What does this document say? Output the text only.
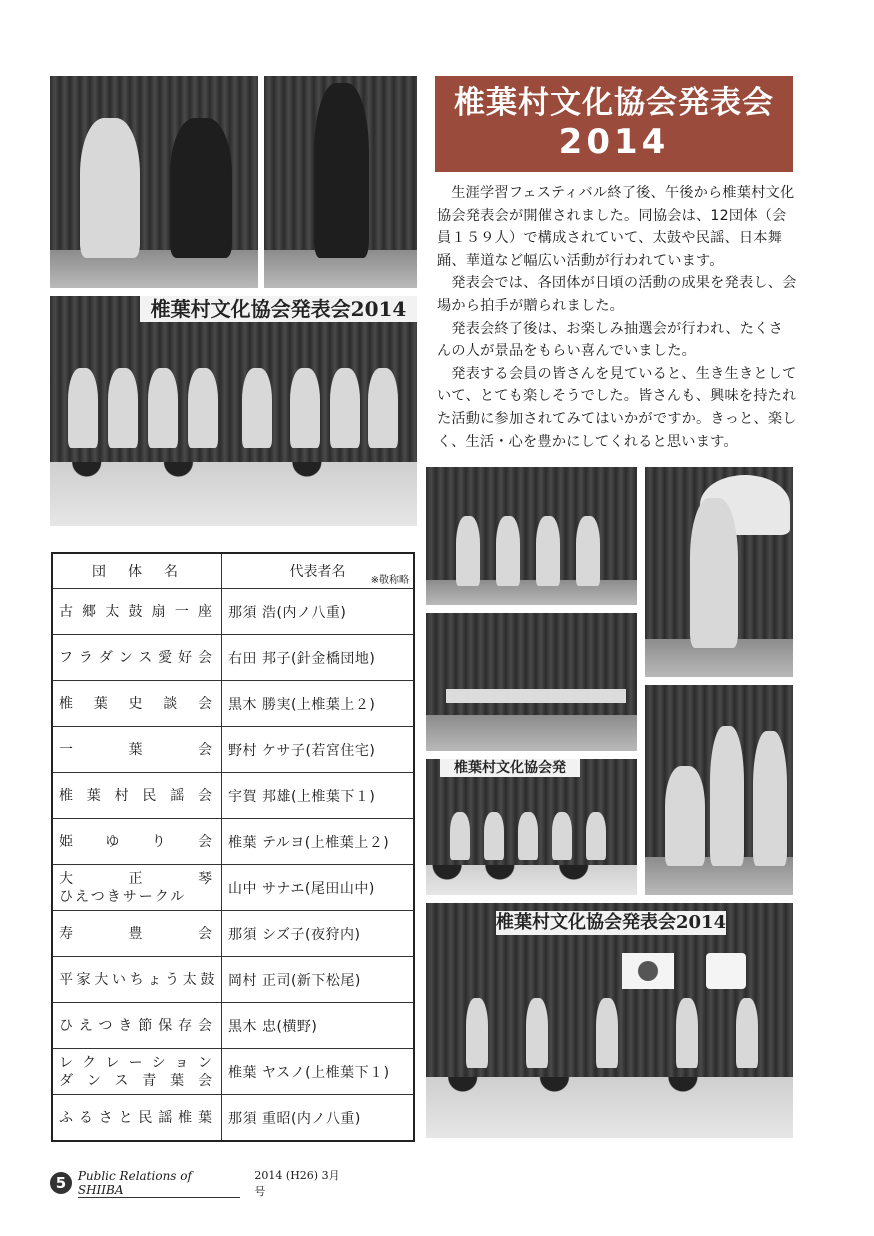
椎葉村文化協会発表会2014
椎葉村文化協会発表会
2014

生涯学習フェスティバル終了後、午後から椎葉村文化協会発表会が開催されました。同協会は、12団体（会員１５９人）で構成されていて、太鼓や民謡、日本舞踊、華道など幅広い活動が行われています。

発表会では、各団体が日頃の活動の成果を発表し、会場から拍手が贈られました。

発表会終了後は、お楽しみ抽選会が行われ、たくさんの人が景品をもらい喜んでいました。

発表する会員の皆さんを見ていると、生き生きとしていて、とても楽しそうでした。皆さんも、興味を持たれた活動に参加されてみてはいかがですか。きっと、楽しく、生活・心を豊かにしてくれると思います。

椎葉村文化協会発
椎葉村文化協会発表会2014
団　体　名	代表者名
※敬称略

古郷太鼓扇一座	那須 浩(内ノ八重)
フラダンス愛好会	右田 邦子(針金橋団地)
椎葉史談会	黒木 勝実(上椎葉上２)
一葉会	野村 ケサ子(若宮住宅)
椎葉村民謡会	宇賀 邦雄(上椎葉下１)
姫ゆり会	椎葉 テルヨ(上椎葉上２)

大正琴
ひえつきサークル	山中 サナエ(尾田山中)
寿豊会	那須 シズ子(夜狩内)
平家大いちょう太鼓	岡村 正司(新下松尾)
ひえつき節保存会	黒木 忠(横野)

レクレーション
ダンス青葉会	椎葉 ヤスノ(上椎葉下１)
ふるさと民謡椎葉	那須 重昭(内ノ八重)
5 Public Relations of SHIIBA
2014 (H26) 3月号
